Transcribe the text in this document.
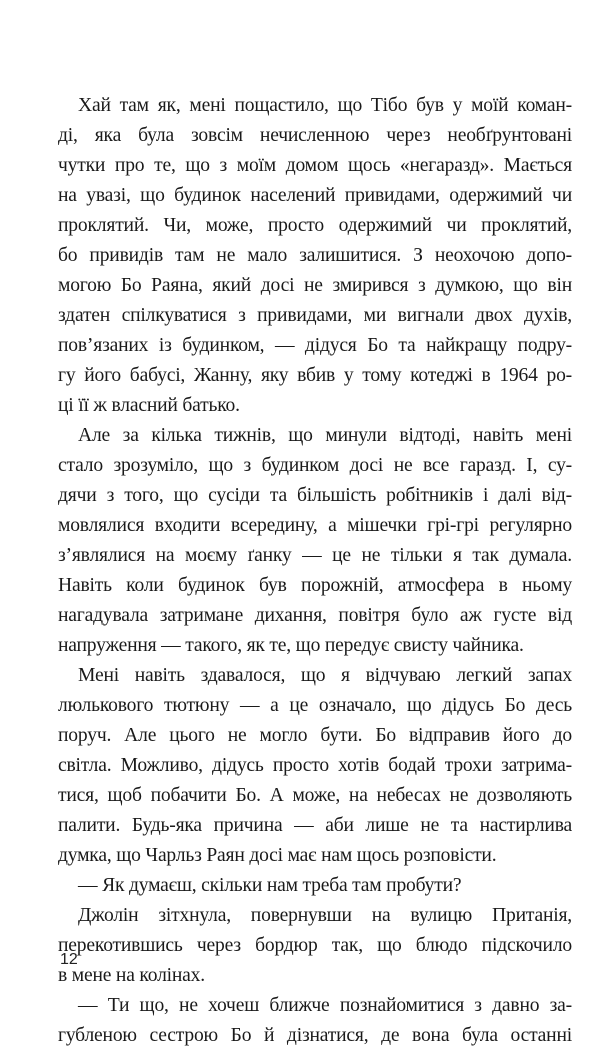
Хай там як, мені пощастило, що Тібо був у моїй коман-
ді, яка була зовсім нечисленною через необґрунтовані
чутки про те, що з моїм домом щось «негаразд». Мається
на увазі, що будинок населений привидами, одержимий чи
проклятий. Чи, може, просто одержимий чи проклятий,
бо привидів там не мало залишитися. З неохочою допо-
могою Бо Раяна, який досі не змирився з думкою, що він
здатен спілкуватися з привидами, ми вигнали двох духів,
пов’язаних із будинком, — дідуся Бо та найкращу подру-
гу його бабусі, Жанну, яку вбив у тому котеджі в 1964 ро-
ці її ж власний батько.
Але за кілька тижнів, що минули відтоді, навіть мені
стало зрозуміло, що з будинком досі не все гаразд. І, су-
дячи з того, що сусіди та більшість робітників і далі від-
мовлялися входити всередину, а мішечки грі-грі регулярно
з’являлися на моєму ґанку — це не тільки я так думала.
Навіть коли будинок був порожній, атмосфера в ньому
нагадувала затримане дихання, повітря було аж густе від
напруження — такого, як те, що передує свисту чайника.
Мені навіть здавалося, що я відчуваю легкий запах
люлькового тютюну — а це означало, що дідусь Бо десь
поруч. Але цього не могло бути. Бо відправив його до
світла. Можливо, дідусь просто хотів бодай трохи затрима-
тися, щоб побачити Бо. А може, на небесах не дозволяють
палити. Будь-яка причина — аби лише не та настирлива
думка, що Чарльз Раян досі має нам щось розповісти.
— Як думаєш, скільки нам треба там пробути?
Джолін зітхнула, повернувши на вулицю Пританія,
перекотившись через бордюр так, що блюдо підскочило
в мене на колінах.
— Ти що, не хочеш ближче познайомитися з давно за-
губленою сестрою Бо й дізнатися, де вона була останні
12
